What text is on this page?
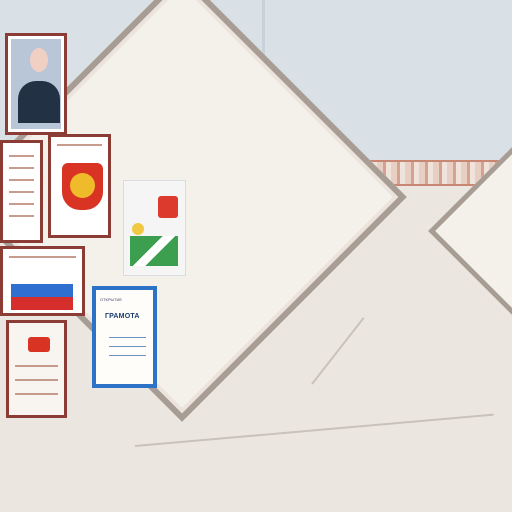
ОТКРЫТИЕ
ГРАМОТА
